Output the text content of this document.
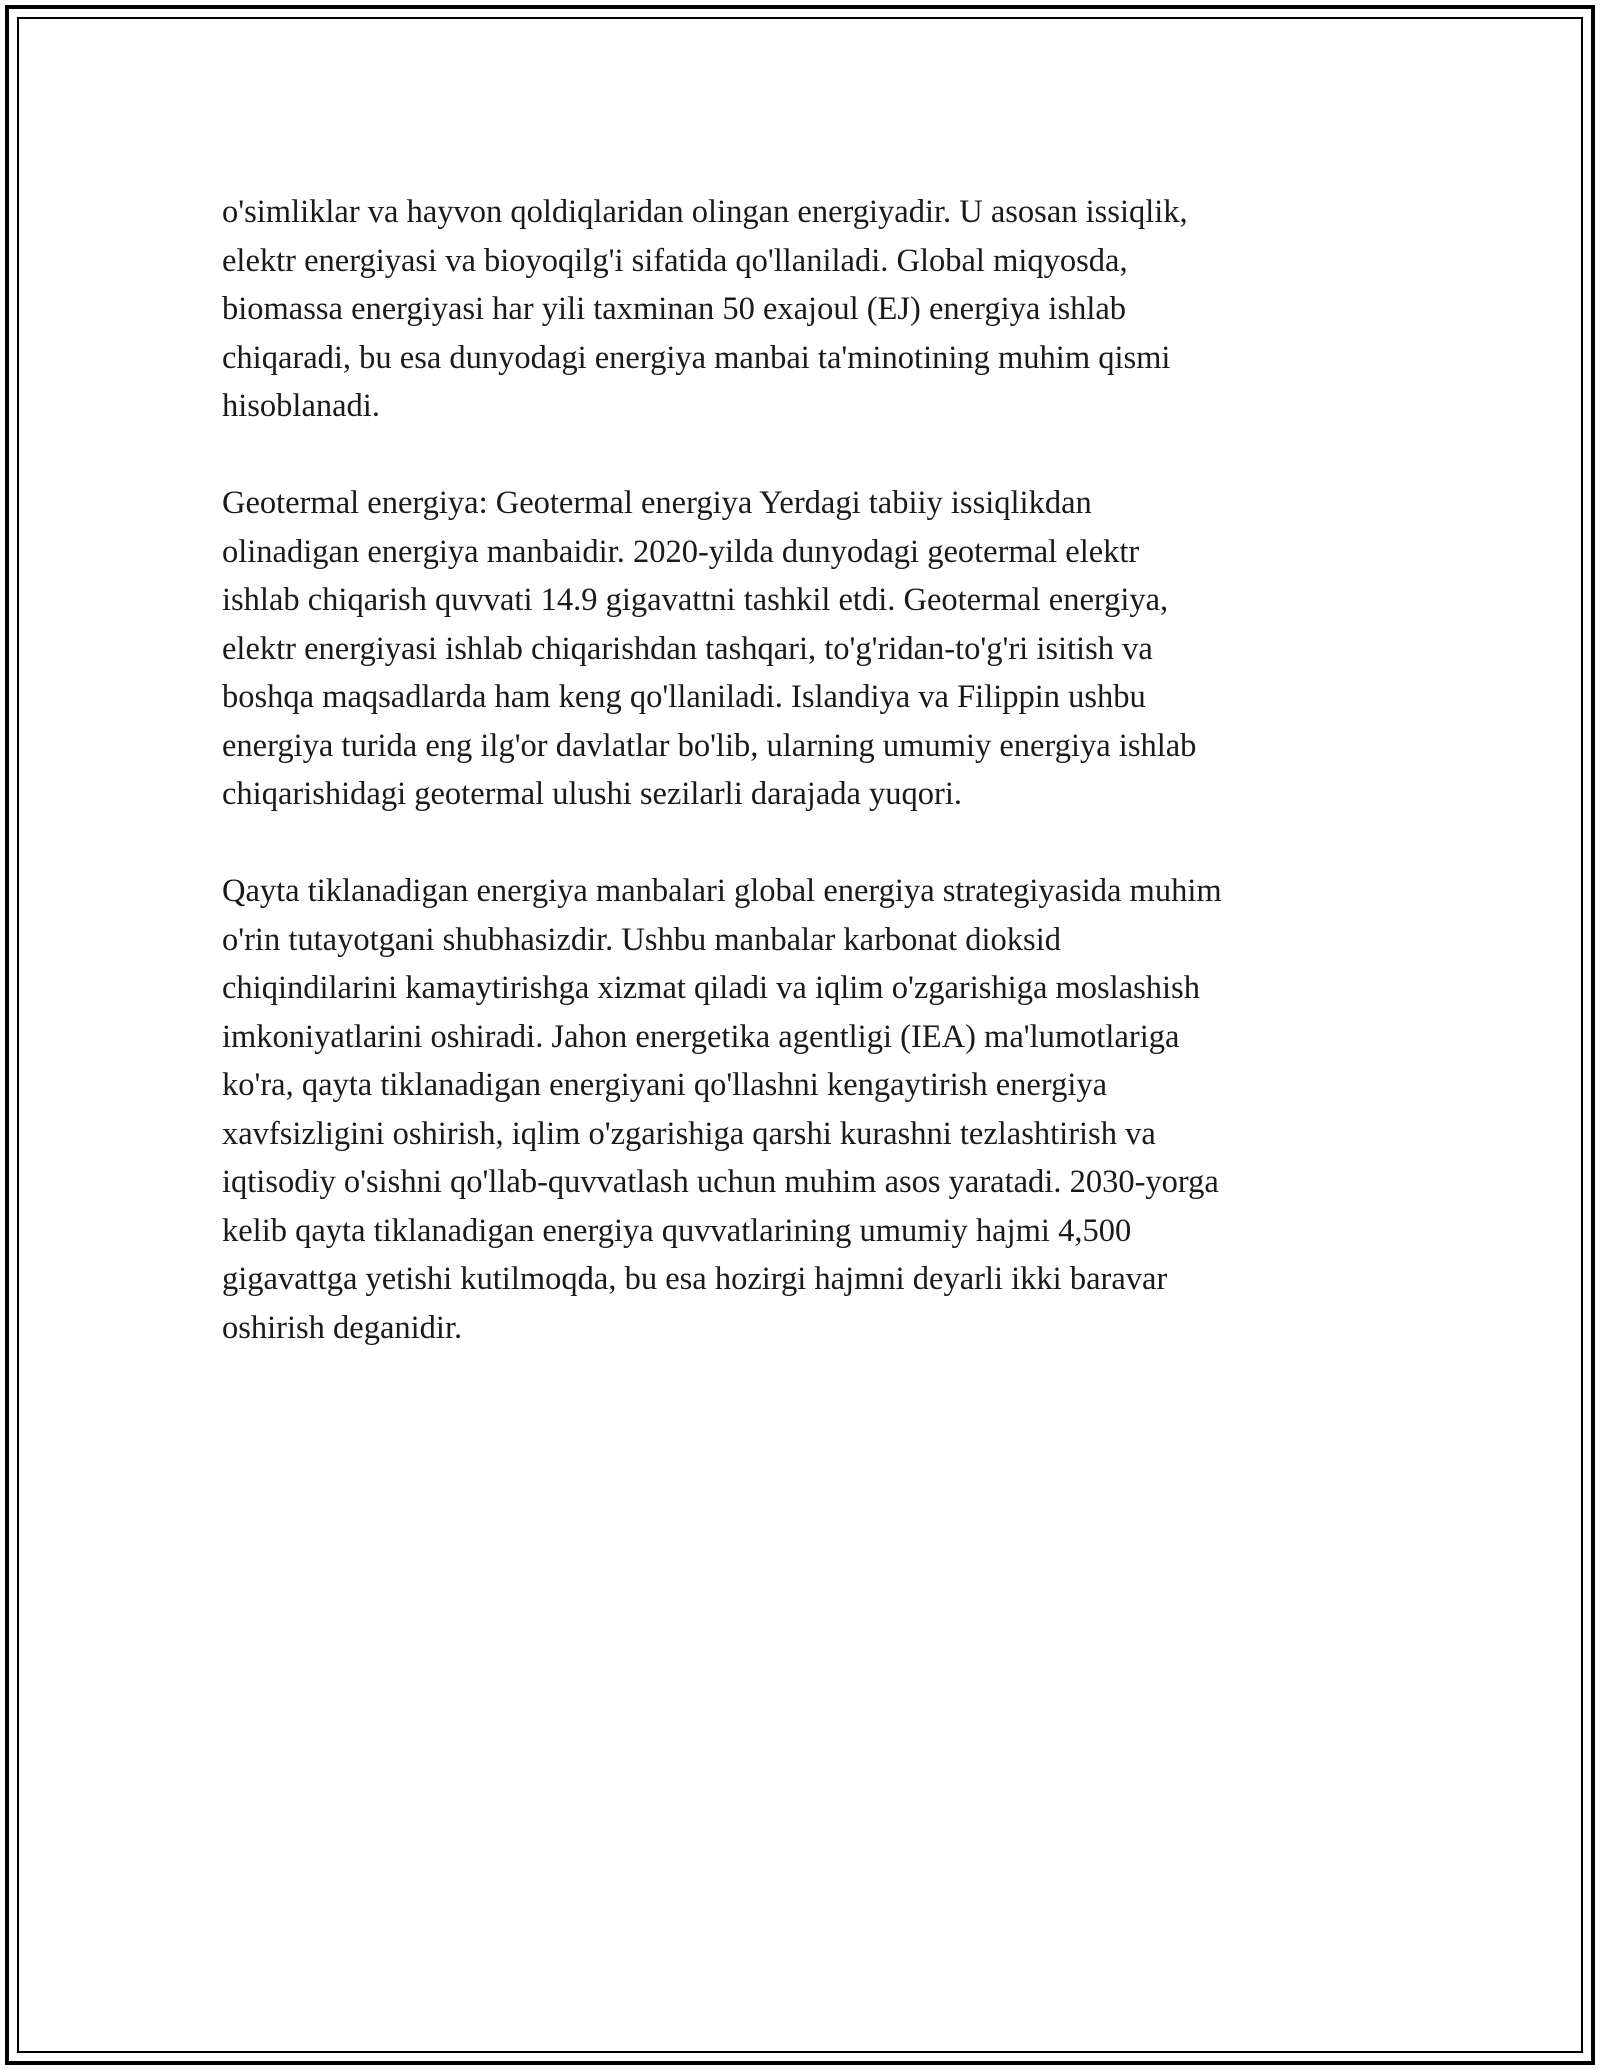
o'simliklar va hayvon qoldiqlaridan olingan energiyadir. U asosan issiqlik,
elektr energiyasi va bioyoqilg'i sifatida qo'llaniladi. Global miqyosda,
biomassa energiyasi har yili taxminan 50 exajoul (EJ) energiya ishlab
chiqaradi, bu esa dunyodagi energiya manbai ta'minotining muhim qismi
hisoblanadi.

Geotermal energiya: Geotermal energiya Yerdagi tabiiy issiqlikdan
olinadigan energiya manbaidir. 2020-yilda dunyodagi geotermal elektr
ishlab chiqarish quvvati 14.9 gigavattni tashkil etdi. Geotermal energiya,
elektr energiyasi ishlab chiqarishdan tashqari, to'g'ridan-to'g'ri isitish va
boshqa maqsadlarda ham keng qo'llaniladi. Islandiya va Filippin ushbu
energiya turida eng ilg'or davlatlar bo'lib, ularning umumiy energiya ishlab
chiqarishidagi geotermal ulushi sezilarli darajada yuqori.

Qayta tiklanadigan energiya manbalari global energiya strategiyasida muhim
o'rin tutayotgani shubhasizdir. Ushbu manbalar karbonat dioksid
chiqindilarini kamaytirishga xizmat qiladi va iqlim o'zgarishiga moslashish
imkoniyatlarini oshiradi. Jahon energetika agentligi (IEA) ma'lumotlariga
ko'ra, qayta tiklanadigan energiyani qo'llashni kengaytirish energiya
xavfsizligini oshirish, iqlim o'zgarishiga qarshi kurashni tezlashtirish va
iqtisodiy o'sishni qo'llab-quvvatlash uchun muhim asos yaratadi. 2030-yorga
kelib qayta tiklanadigan energiya quvvatlarining umumiy hajmi 4,500
gigavattga yetishi kutilmoqda, bu esa hozirgi hajmni deyarli ikki baravar
oshirish deganidir.
